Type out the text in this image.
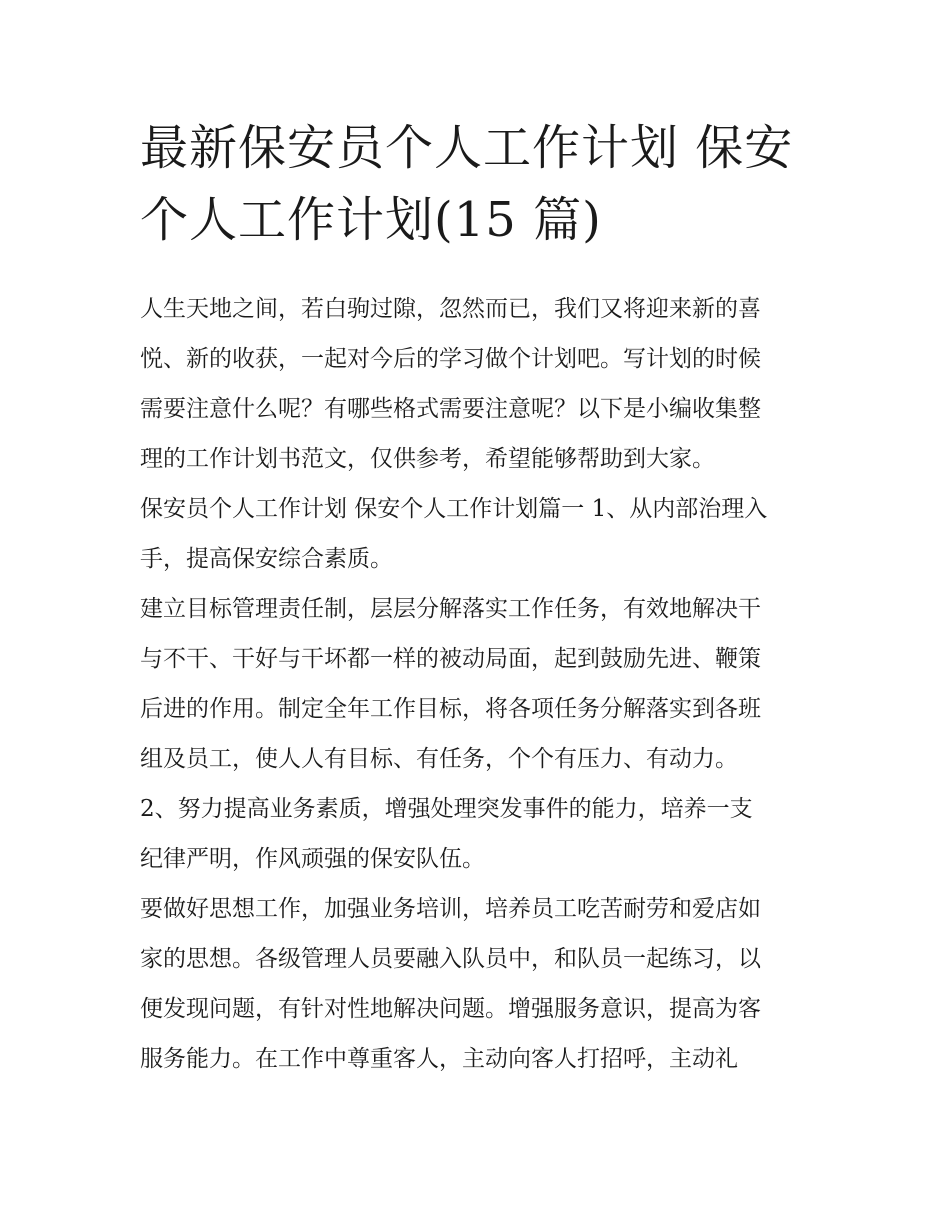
最新保安员个人工作计划 保安
个人工作计划(15 篇)

人生天地之间，若白驹过隙，忽然而已，我们又将迎来新的喜
悦、新的收获，一起对今后的学习做个计划吧。写计划的时候
需要注意什么呢？有哪些格式需要注意呢？以下是小编收集整
理的工作计划书范文，仅供参考，希望能够帮助到大家。

保安员个人工作计划 保安个人工作计划篇一 1、从内部治理入
手，提高保安综合素质。

建立目标管理责任制，层层分解落实工作任务，有效地解决干
与不干、干好与干坏都一样的被动局面，起到鼓励先进、鞭策
后进的作用。制定全年工作目标，将各项任务分解落实到各班
组及员工，使人人有目标、有任务，个个有压力、有动力。

2、努力提高业务素质，增强处理突发事件的能力，培养一支
纪律严明，作风顽强的保安队伍。

要做好思想工作，加强业务培训，培养员工吃苦耐劳和爱店如
家的思想。各级管理人员要融入队员中，和队员一起练习，以
便发现问题，有针对性地解决问题。增强服务意识，提高为客
服务能力。在工作中尊重客人，主动向客人打招呼，主动礼
